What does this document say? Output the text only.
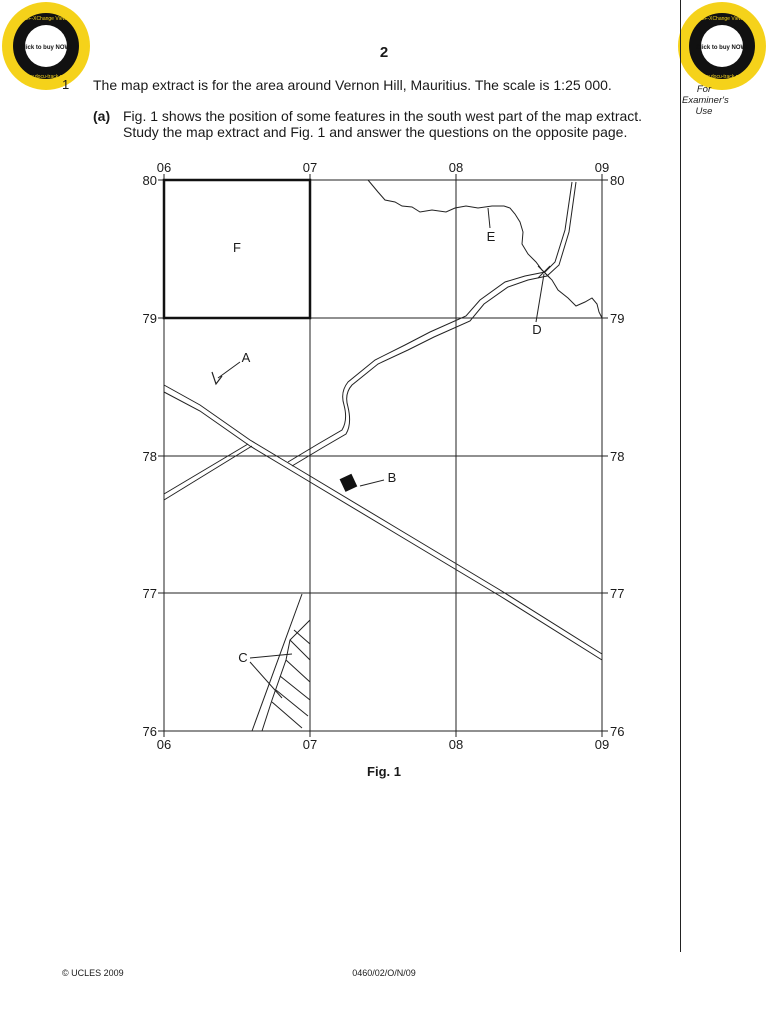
Click to buy NOW!
PDF-XChange Viewer
www.docu-track.com
Click to buy NOW!
PDF-XChange Viewer
www.docu-track.com
2
1 The map extract is for the area around Vernon Hill, Mauritius. The scale is 1:25 000.
(a) Fig. 1 shows the position of some features in the south west part of the map extract.
Study the map extract and Fig. 1 and answer the questions on the opposite page.
For
Examiner's
Use
06	07	08	09
06	07	08	09
80
79
78
77
76
80
79
78
77
76
F
D
E
A
B
C
Fig. 1
© UCLES 2009	0460/02/O/N/09
